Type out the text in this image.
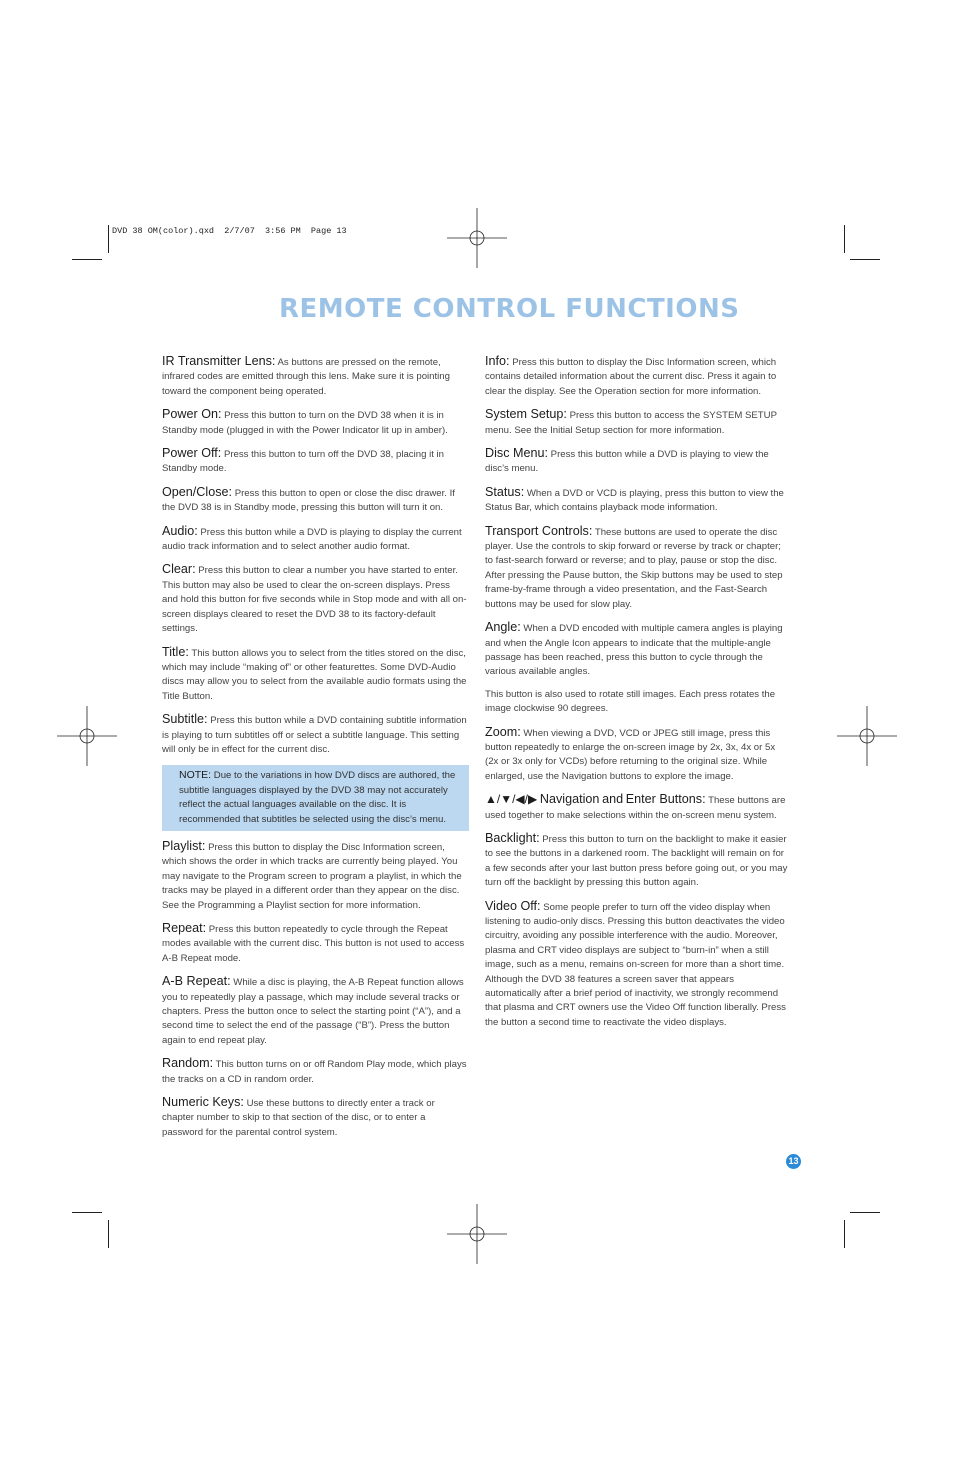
DVD 38 OM(color).qxd  2/7/07  3:56 PM  Page 13
REMOTE CONTROL FUNCTIONS

IR Transmitter Lens: As buttons are pressed on the remote, infrared codes are emitted through this lens. Make sure it is pointing toward the component being operated.

Power On: Press this button to turn on the DVD 38 when it is in Standby mode (plugged in with the Power Indicator lit up in amber).

Power Off: Press this button to turn off the DVD 38, placing it in Standby mode.

Open/Close: Press this button to open or close the disc drawer. If the DVD 38 is in Standby mode, pressing this button will turn it on.

Audio: Press this button while a DVD is playing to display the current audio track information and to select another audio format.

Clear: Press this button to clear a number you have started to enter. This button may also be used to clear the on-screen displays. Press and hold this button for five seconds while in Stop mode and with all on-screen displays cleared to reset the DVD 38 to its factory-default settings.

Title: This button allows you to select from the titles stored on the disc, which may include “making of” or other featurettes. Some DVD-Audio discs may allow you to select from the available audio formats using the Title Button.

Subtitle: Press this button while a DVD containing subtitle information is playing to turn subtitles off or select a subtitle language. This setting will only be in effect for the current disc.

NOTE: Due to the variations in how DVD discs are authored, the subtitle languages displayed by the DVD 38 may not accurately reflect the actual languages available on the disc. It is recommended that subtitles be selected using the disc’s menu.

Playlist: Press this button to display the Disc Information screen, which shows the order in which tracks are currently being played. You may navigate to the Program screen to program a playlist, in which the tracks may be played in a different order than they appear on the disc. See the Programming a Playlist section for more information.

Repeat: Press this button repeatedly to cycle through the Repeat modes available with the current disc. This button is not used to access A-B Repeat mode.

A-B Repeat: While a disc is playing, the A-B Repeat function allows you to repeatedly play a passage, which may include several tracks or chapters. Press the button once to select the starting point (“A”), and a second time to select the end of the passage (“B”). Press the button again to end repeat play.

Random: This button turns on or off Random Play mode, which plays the tracks on a CD in random order.

Numeric Keys: Use these buttons to directly enter a track or chapter number to skip to that section of the disc, or to enter a password for the parental control system.

Info: Press this button to display the Disc Information screen, which contains detailed information about the current disc. Press it again to clear the display. See the Operation section for more information.

System Setup: Press this button to access the SYSTEM SETUP menu. See the Initial Setup section for more information.

Disc Menu: Press this button while a DVD is playing to view the disc’s menu.

Status: When a DVD or VCD is playing, press this button to view the Status Bar, which contains playback mode information.

Transport Controls: These buttons are used to operate the disc player. Use the controls to skip forward or reverse by track or chapter; to fast-search forward or reverse; and to play, pause or stop the disc. After pressing the Pause button, the Skip buttons may be used to step frame-by-frame through a video presentation, and the Fast-Search buttons may be used for slow play.

Angle: When a DVD encoded with multiple camera angles is playing and when the Angle Icon appears to indicate that the multiple-angle passage has been reached, press this button to cycle through the various available angles.

This button is also used to rotate still images. Each press rotates the image clockwise 90 degrees.

Zoom: When viewing a DVD, VCD or JPEG still image, press this button repeatedly to enlarge the on-screen image by 2x, 3x, 4x or 5x (2x or 3x only for VCDs) before returning to the original size. While enlarged, use the Navigation buttons to explore the image.

▲/▼/◀/▶ Navigation and Enter Buttons: These buttons are used together to make selections within the on-screen menu system.

Backlight: Press this button to turn on the backlight to make it easier to see the buttons in a darkened room. The backlight will remain on for a few seconds after your last button press before going out, or you may turn off the backlight by pressing this button again.

Video Off: Some people prefer to turn off the video display when listening to audio-only discs. Pressing this button deactivates the video circuitry, avoiding any possible interference with the audio. Moreover, plasma and CRT video displays are subject to “burn-in” when a still image, such as a menu, remains on-screen for more than a short time. Although the DVD 38 features a screen saver that appears automatically after a brief period of inactivity, we strongly recommend that plasma and CRT owners use the Video Off function liberally. Press the button a second time to reactivate the video displays.

13
